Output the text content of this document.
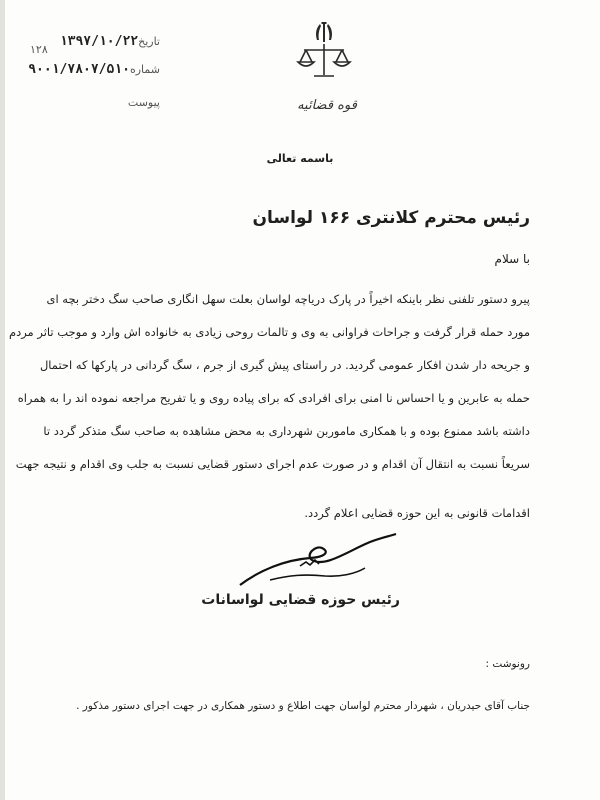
قوه قضائیه
تاریخ
۱۳۹۷/۱۰/۲۲
شماره
۹۰۰۱/۷۸۰۷/۵۱۰
پیوست
۱۲۸
باسمه تعالی
رئیس محترم کلانتری ۱۶۶ لواسان
با سلام
پیرو دستور تلفنی نظر باینکه اخیراً در پارک دریاچه لواسان بعلت سهل انگاری صاحب سگ دختر بچه ای
مورد حمله قرار گرفت و جراحات فراوانی به وی و تالمات روحی زیادی به خانواده اش وارد و موجب تاثر مردم
و جریحه دار شدن افکار عمومی گردید. در راستای پیش گیری از جرم ، سگ گردانی در پارکها که احتمال
حمله به عابرین و یا احساس نا امنی برای افرادی که برای پیاده روی و یا تفریح مراجعه نموده اند را به همراه
داشته باشد ممنوع بوده و با همکاری ماموربن شهرداری به محض مشاهده به صاحب سگ متذکر گردد تا
سریعاً نسبت به انتقال آن اقدام و در صورت عدم اجرای دستور قضایی نسبت به جلب وی اقدام و نتیجه جهت
اقدامات قانونی به این حوزه قضایی اعلام گردد.
رئیس حوزه قضایی لواسانات
رونوشت :
جناب آقای حیدریان ، شهردار محترم لواسان جهت اطلاع و دستور همکاری در جهت اجرای دستور مذکور .
